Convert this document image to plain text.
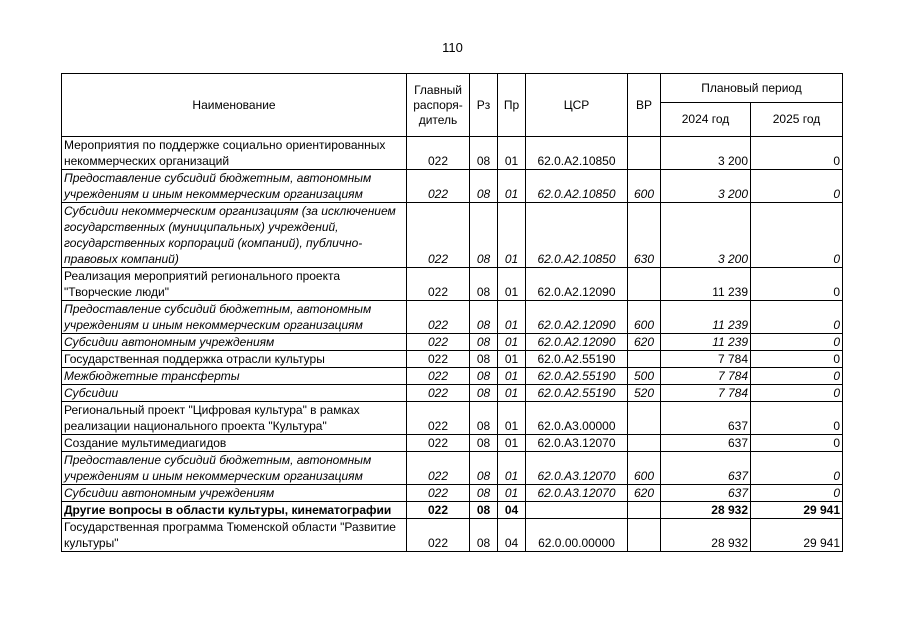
110
Наименование	Главный распоря-дитель	Рз	Пр	ЦСР	ВР	Плановый период	
						2024 год	2025 год
Мероприятия по поддержке социально ориентированных некоммерческих организаций	022	08	01	62.0.А2.10850		3 200	0
Предоставление субсидий бюджетным, автономным учреждениям и иным некоммерческим организациям	022	08	01	62.0.А2.10850	600	3 200	0
Субсидии некоммерческим организациям (за исключением государственных (муниципальных) учреждений, государственных корпораций (компаний), публично-правовых компаний)	022	08	01	62.0.А2.10850	630	3 200	0
Реализация мероприятий регионального проекта "Творческие люди"	022	08	01	62.0.А2.12090		11 239	0
Предоставление субсидий бюджетным, автономным учреждениям и иным некоммерческим организациям	022	08	01	62.0.А2.12090	600	11 239	0
Субсидии автономным учреждениям	022	08	01	62.0.А2.12090	620	11 239	0
Государственная поддержка отрасли культуры	022	08	01	62.0.А2.55190		7 784	0
Межбюджетные трансферты	022	08	01	62.0.А2.55190	500	7 784	0
Субсидии	022	08	01	62.0.А2.55190	520	7 784	0
Региональный проект "Цифровая культура" в рамках реализации национального проекта "Культура"	022	08	01	62.0.А3.00000		637	0
Создание мультимедиагидов	022	08	01	62.0.А3.12070		637	0
Предоставление субсидий бюджетным, автономным учреждениям и иным некоммерческим организациям	022	08	01	62.0.А3.12070	600	637	0
Субсидии автономным учреждениям	022	08	01	62.0.А3.12070	620	637	0
Другие вопросы в области культуры, кинематографии	022	08	04			28 932	29 941
Государственная программа Тюменской области "Развитие культуры"	022	08	04	62.0.00.00000		28 932	29 941
